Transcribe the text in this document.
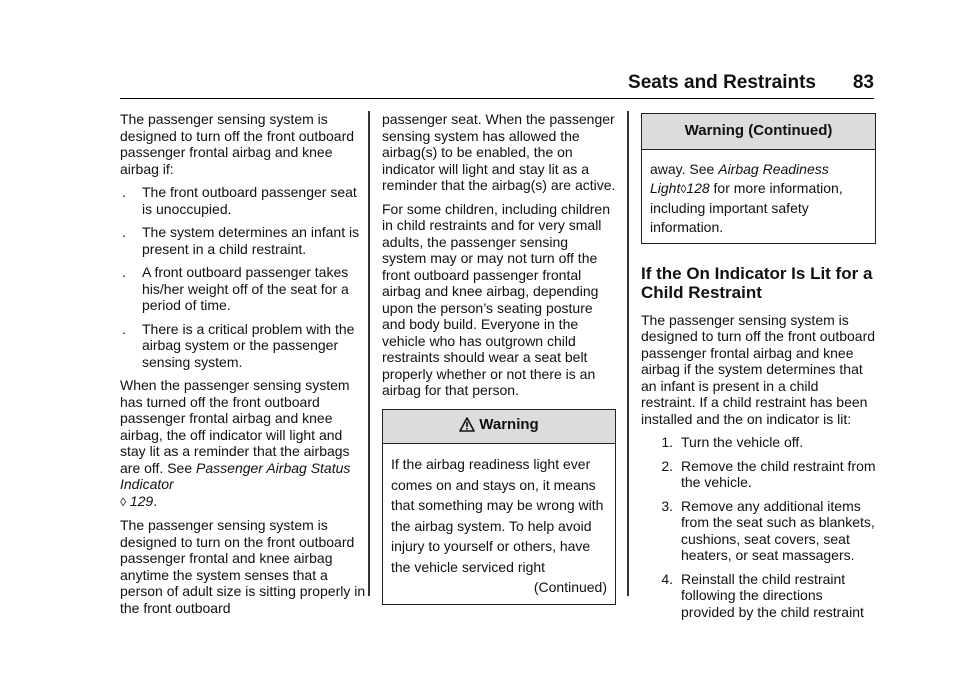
Seats and Restraints 83

The passenger sensing system is designed to turn off the front outboard passenger frontal airbag and knee airbag if:

.	The front outboard passenger seat is unoccupied.
.	The system determines an infant is present in a child restraint.
.	A front outboard passenger takes his/her weight off of the seat for a period of time.
.	There is a critical problem with the airbag system or the passenger sensing system.

When the passenger sensing system has turned off the front outboard passenger frontal airbag and knee airbag, the off indicator will light and stay lit as a reminder that the airbags are off. See Passenger Airbag Status Indicator
◊ 129.

The passenger sensing system is designed to turn on the front outboard passenger frontal and knee airbag anytime the system senses that a person of adult size is sitting properly in the front outboard

passenger seat. When the passenger sensing system has allowed the airbag(s) to be enabled, the on indicator will light and stay lit as a reminder that the airbag(s) are active.

For some children, including children in child restraints and for very small adults, the passenger sensing system may or may not turn off the front outboard passenger frontal airbag and knee airbag, depending upon the person’s seating posture and body build. Everyone in the vehicle who has outgrown child restraints should wear a seat belt properly whether or not there is an airbag for that person.

Warning
If the airbag readiness light ever comes on and stays on, it means that something may be wrong with the airbag system. To help avoid injury to yourself or others, have the vehicle serviced right
(Continued)
Warning (Continued)
away. See Airbag Readiness Light◊128 for more information, including important safety information.
If the On Indicator Is Lit for a Child Restraint

The passenger sensing system is designed to turn off the front outboard passenger frontal airbag and knee airbag if the system determines that an infant is present in a child restraint. If a child restraint has been installed and the on indicator is lit:

1. Turn the vehicle off.
2. Remove the child restraint from the vehicle.
3. Remove any additional items from the seat such as blankets, cushions, seat covers, seat heaters, or seat massagers.
4. Reinstall the child restraint following the directions provided by the child restraint
